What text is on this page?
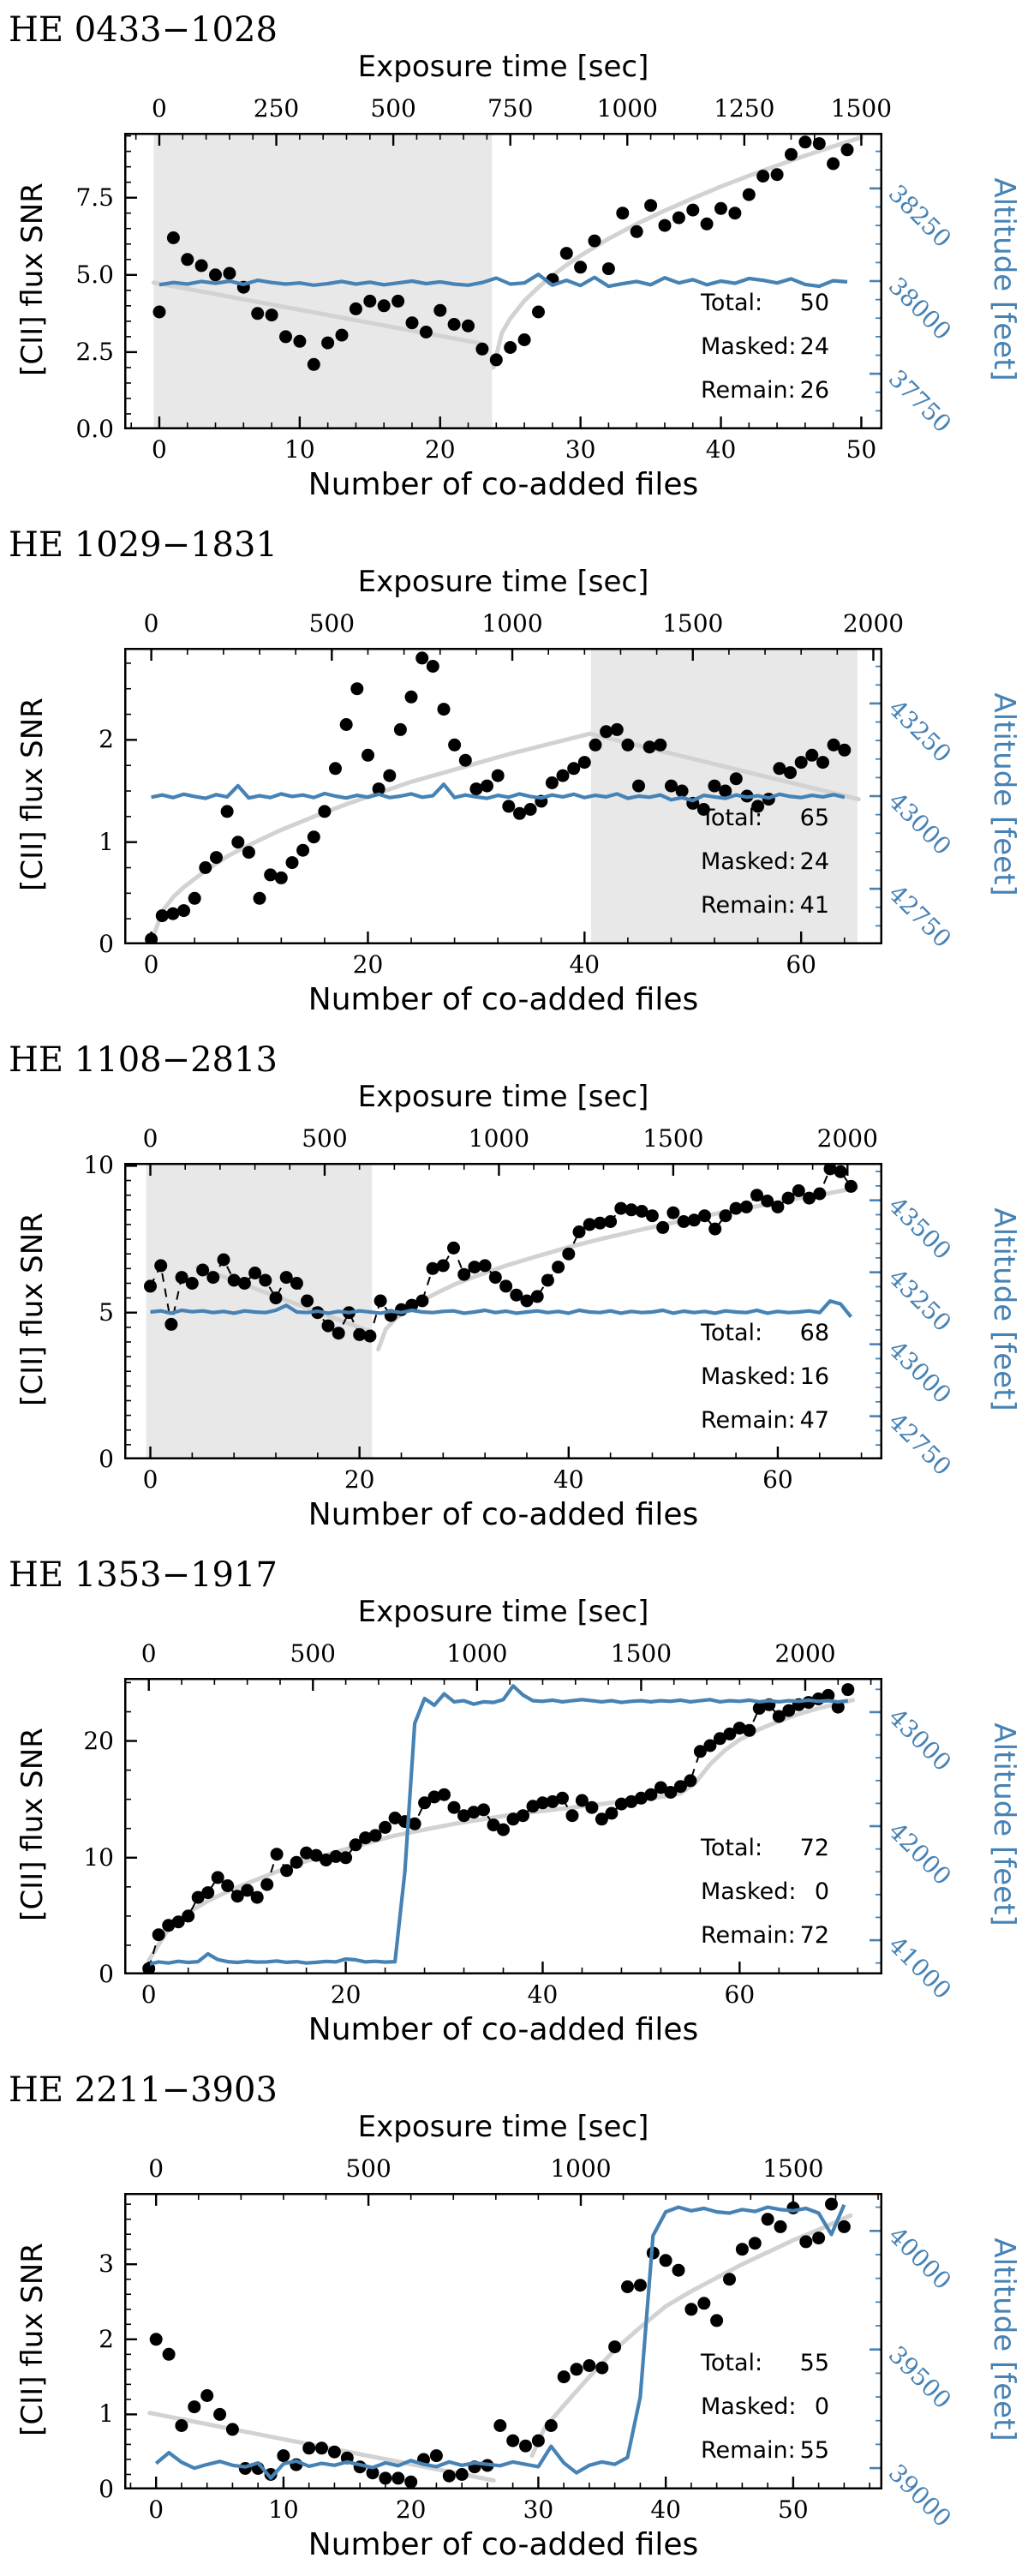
HE 0433−1028
Exposure time [sec]
[CII] flux SNR	Altitude [feet]
Number of co-added files
Total: 50
Masked: 24
Remain: 26
0	10	20	30	40	50
0	250	500	750	1000	1250	1500
0.0
2.5
5.0
7.5
37750
38000
38250
HE 1029−1831
Exposure time [sec]
[CII] flux SNR	Altitude [feet]
Number of co-added files
Total: 65
Masked: 24
Remain: 41
0	20	40	60
0	500	1000	1500	2000
0
1
2
42750
43000
43250
HE 1108−2813
Exposure time [sec]
[CII] flux SNR	Altitude [feet]
Number of co-added files
Total: 68
Masked: 16
Remain: 47
0	20	40	60
0	500	1000	1500	2000
0
5
10
42750
43000
43250
43500
HE 1353−1917
Exposure time [sec]
[CII] flux SNR	Altitude [feet]
Number of co-added files
Total: 72
Masked: 0
Remain: 72
0	20	40	60
0	500	1000	1500	2000
0
10
20
41000
42000
43000
HE 2211−3903
Exposure time [sec]
[CII] flux SNR	Altitude [feet]
Number of co-added files
Total: 55
Masked: 0
Remain: 55
0	10	20	30	40	50
0	500	1000	1500
0
1
2
3
39000
39500
40000
